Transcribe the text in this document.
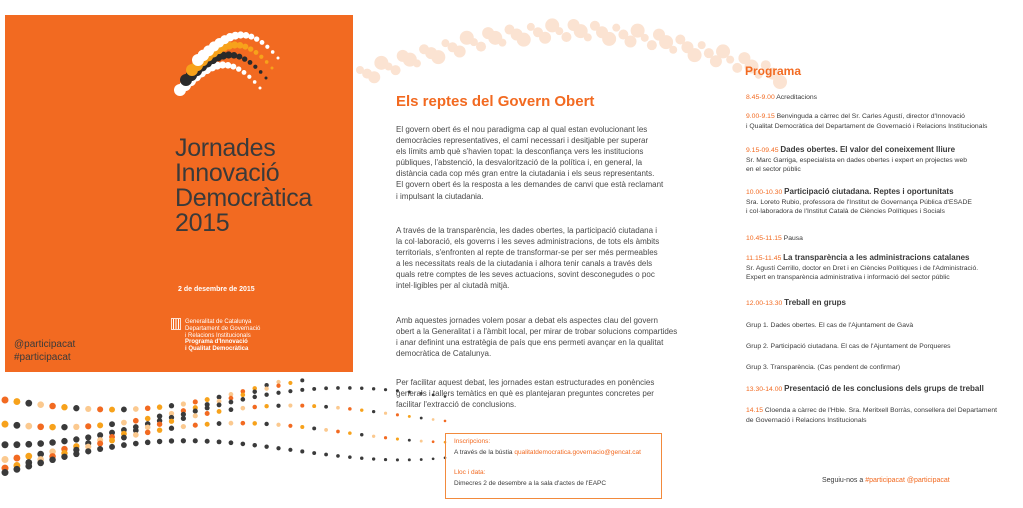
Jornades
Innovació
Democràtica
2015
2 de desembre de 2015
@participacat
#participacat
Generalitat de Catalunya
Departament de Governació
i Relacions Institucionals
Programa d'Innovació
i Qualitat Democràtica
Els reptes del Govern Obert

El govern obert és el nou paradigma cap al qual estan evolucionant les
democràcies representatives, el camí necessari i desitjable per superar
els límits amb què s'havien topat: la desconfiança vers les institucions
públiques, l'abstenció, la desvalorització de la política i, en general, la
distància cada cop més gran entre la ciutadania i els seus representants.
El govern obert és la resposta a les demandes de canvi que està reclamant
i impulsant la ciutadania.

A través de la transparència, les dades obertes, la participació ciutadana i
la col·laboració, els governs i les seves administracions, de tots els àmbits
territorials, s'enfronten al repte de transformar-se per ser més permeables
a les necessitats reals de la ciutadania i alhora tenir canals a través dels
quals retre comptes de les seves actuacions, sovint desconegudes o poc
intel·ligibles per al ciutadà mitjà.

Amb aquestes jornades volem posar a debat els aspectes clau del govern
obert a la Generalitat i a l'àmbit local, per mirar de trobar solucions compartides
i anar definint una estratègia de país que ens permeti avançar en la qualitat
democràtica de Catalunya.

Per facilitar aquest debat, les jornades estan estructurades en ponències
generals i tallers temàtics en què es plantejaran preguntes concretes per
facilitar l'extracció de conclusions.

Inscripcions:
A través de la bústia qualitatdemocratica.governacio@gencat.cat
Lloc i data:
Dimecres 2 de desembre a la sala d'actes de l'EAPC
Programa
8.45-9.00 Acreditacions
9.00-9.15 Benvinguda a càrrec del Sr. Carles Agustí, director d'Innovació
i Qualitat Democràtica del Departament de Governació i Relacions Institucionals
9.15-09.45 Dades obertes. El valor del coneixement lliure
Sr. Marc Garriga, especialista en dades obertes i expert en projectes web
en el sector públic
10.00-10.30 Participació ciutadana. Reptes i oportunitats
Sra. Loreto Rubio, professora de l'Institut de Governança Pública d'ESADE
i col·laboradora de l'Institut Català de Ciències Polítiques i Socials
10.45-11.15 Pausa
11.15-11.45 La transparència a les administracions catalanes
Sr. Agustí Cerrillo, doctor en Dret i en Ciències Polítiques i de l'Administració.
Expert en transparència administrativa i informació del sector públic
12.00-13.30 Treball en grups
Grup 1. Dades obertes. El cas de l'Ajuntament de Gavà
Grup 2. Participació ciutadana. El cas de l'Ajuntament de Porqueres
Grup 3. Transparència. (Cas pendent de confirmar)
13.30-14.00 Presentació de les conclusions dels grups de treball
14.15 Cloenda a càrrec de l'Hble. Sra. Meritxell Borràs, consellera del Departament
de Governació i Relacions Institucionals
Seguiu-nos a #participacat @participacat
